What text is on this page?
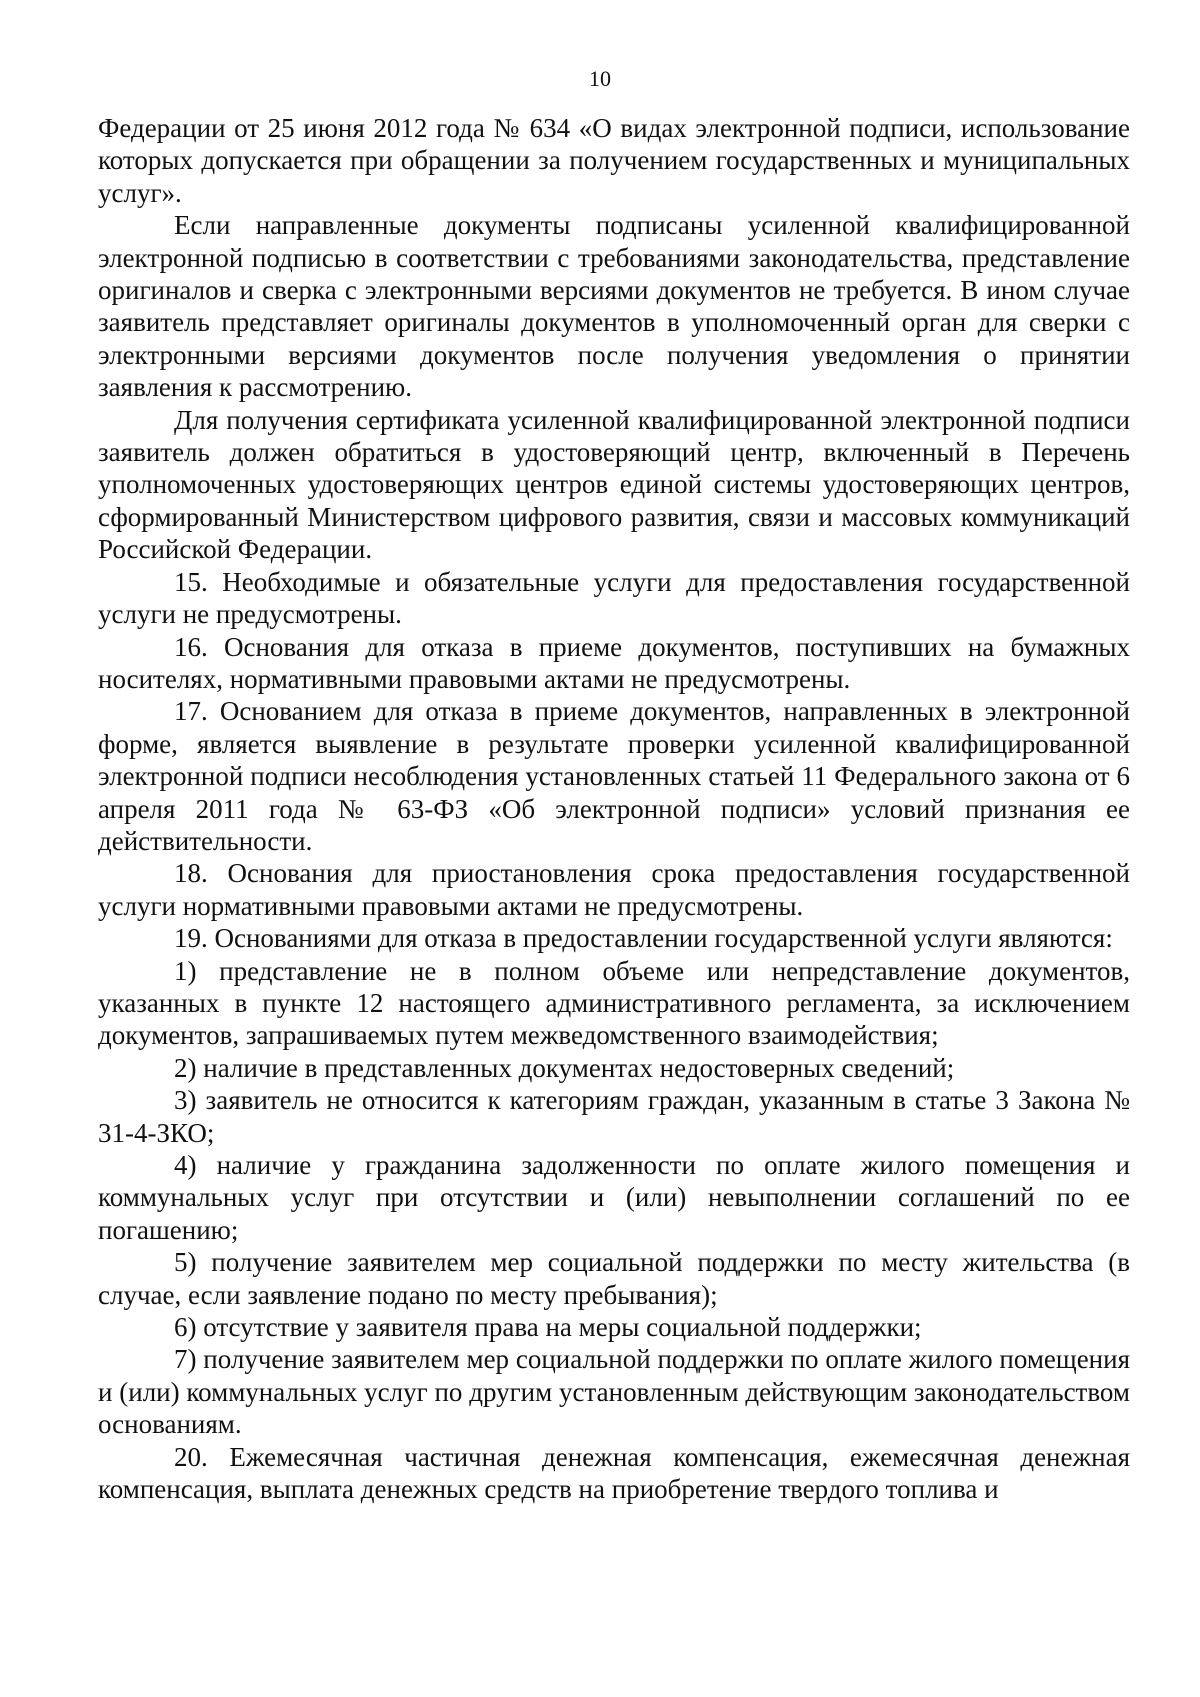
10

Федерации от 25 июня 2012 года № 634 «О видах электронной подписи, использование которых допускается при обращении за получением государственных и муниципальных услуг».

Если направленные документы подписаны усиленной квалифицированной электронной подписью в соответствии с требованиями законодательства, представление оригиналов и сверка с электронными версиями документов не требуется. В ином случае заявитель представляет оригиналы документов в уполномоченный орган для сверки с электронными версиями документов после получения уведомления о принятии заявления к рассмотрению.

Для получения сертификата усиленной квалифицированной электронной подписи заявитель должен обратиться в удостоверяющий центр, включенный в Перечень уполномоченных удостоверяющих центров единой системы удостоверяющих центров, сформированный Министерством цифрового развития, связи и массовых коммуникаций Российской Федерации.

15. Необходимые и обязательные услуги для предоставления государственной услуги не предусмотрены.

16. Основания для отказа в приеме документов, поступивших на бумажных носителях, нормативными правовыми актами не предусмотрены.

17. Основанием для отказа в приеме документов, направленных в электронной форме, является выявление в результате проверки усиленной квалифицированной электронной подписи несоблюдения установленных статьей 11 Федерального закона от 6 апреля 2011 года № 63-ФЗ «Об электронной подписи» условий признания ее действительности.

18. Основания для приостановления срока предоставления государственной услуги нормативными правовыми актами не предусмотрены.

19. Основаниями для отказа в предоставлении государственной услуги являются:

1) представление не в полном объеме или непредставление документов, указанных в пункте 12 настоящего административного регламента, за исключением документов, запрашиваемых путем межведомственного взаимодействия;

2) наличие в представленных документах недостоверных сведений;

3) заявитель не относится к категориям граждан, указанным в статье 3 Закона № 31-4-ЗКО;

4) наличие у гражданина задолженности по оплате жилого помещения и коммунальных услуг при отсутствии и (или) невыполнении соглашений по ее погашению;

5) получение заявителем мер социальной поддержки по месту жительства (в случае, если заявление подано по месту пребывания);

6) отсутствие у заявителя права на меры социальной поддержки;

7) получение заявителем мер социальной поддержки по оплате жилого помещения и (или) коммунальных услуг по другим установленным действующим законодательством основаниям.

20. Ежемесячная частичная денежная компенсация, ежемесячная денежная компенсация, выплата денежных средств на приобретение твердого топлива и
